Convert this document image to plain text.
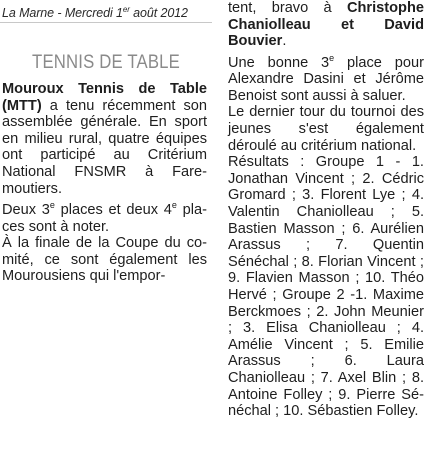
La Marne - Mercredi 1er août 2012
TENNIS DE TABLE

Mouroux Tennis de Table (MTT) a tenu récemment son assemblée générale. En sport en milieu rural, quatre équipes ont participé au Critérium National FNSMR à Faremoutiers.

Deux 3e places et deux 4e places sont à noter.

À la finale de la Coupe du comité, ce sont également les Mourousiens qui l'empor-

tent, bravo à Christophe Chaniolleau et David Bouvier.

Une bonne 3e place pour Alexandre Dasini et Jérôme Benoist sont aussi à saluer.

Le dernier tour du tournoi des jeunes s'est également déroulé au critérium national.

Résultats : Groupe 1 - 1. Jonathan Vincent ; 2. Cédric Gromard ; 3. Florent Lye ; 4. Valentin Chaniolleau ; 5. Bastien Masson ; 6. Aurélien Arassus ; 7. Quentin Sénéchal ; 8. Florian Vincent ; 9. Flavien Masson ; 10. Théo Hervé ; Groupe 2 -1. Maxime Berckmoes ; 2. John Meunier ; 3. Elisa Chaniolleau ; 4. Amélie Vincent ; 5. Emilie Arassus ; 6. Laura Chaniolleau ; 7. Axel Blin ; 8. Antoine Folley ; 9. Pierre Sénéchal ; 10. Sébastien Folley.
